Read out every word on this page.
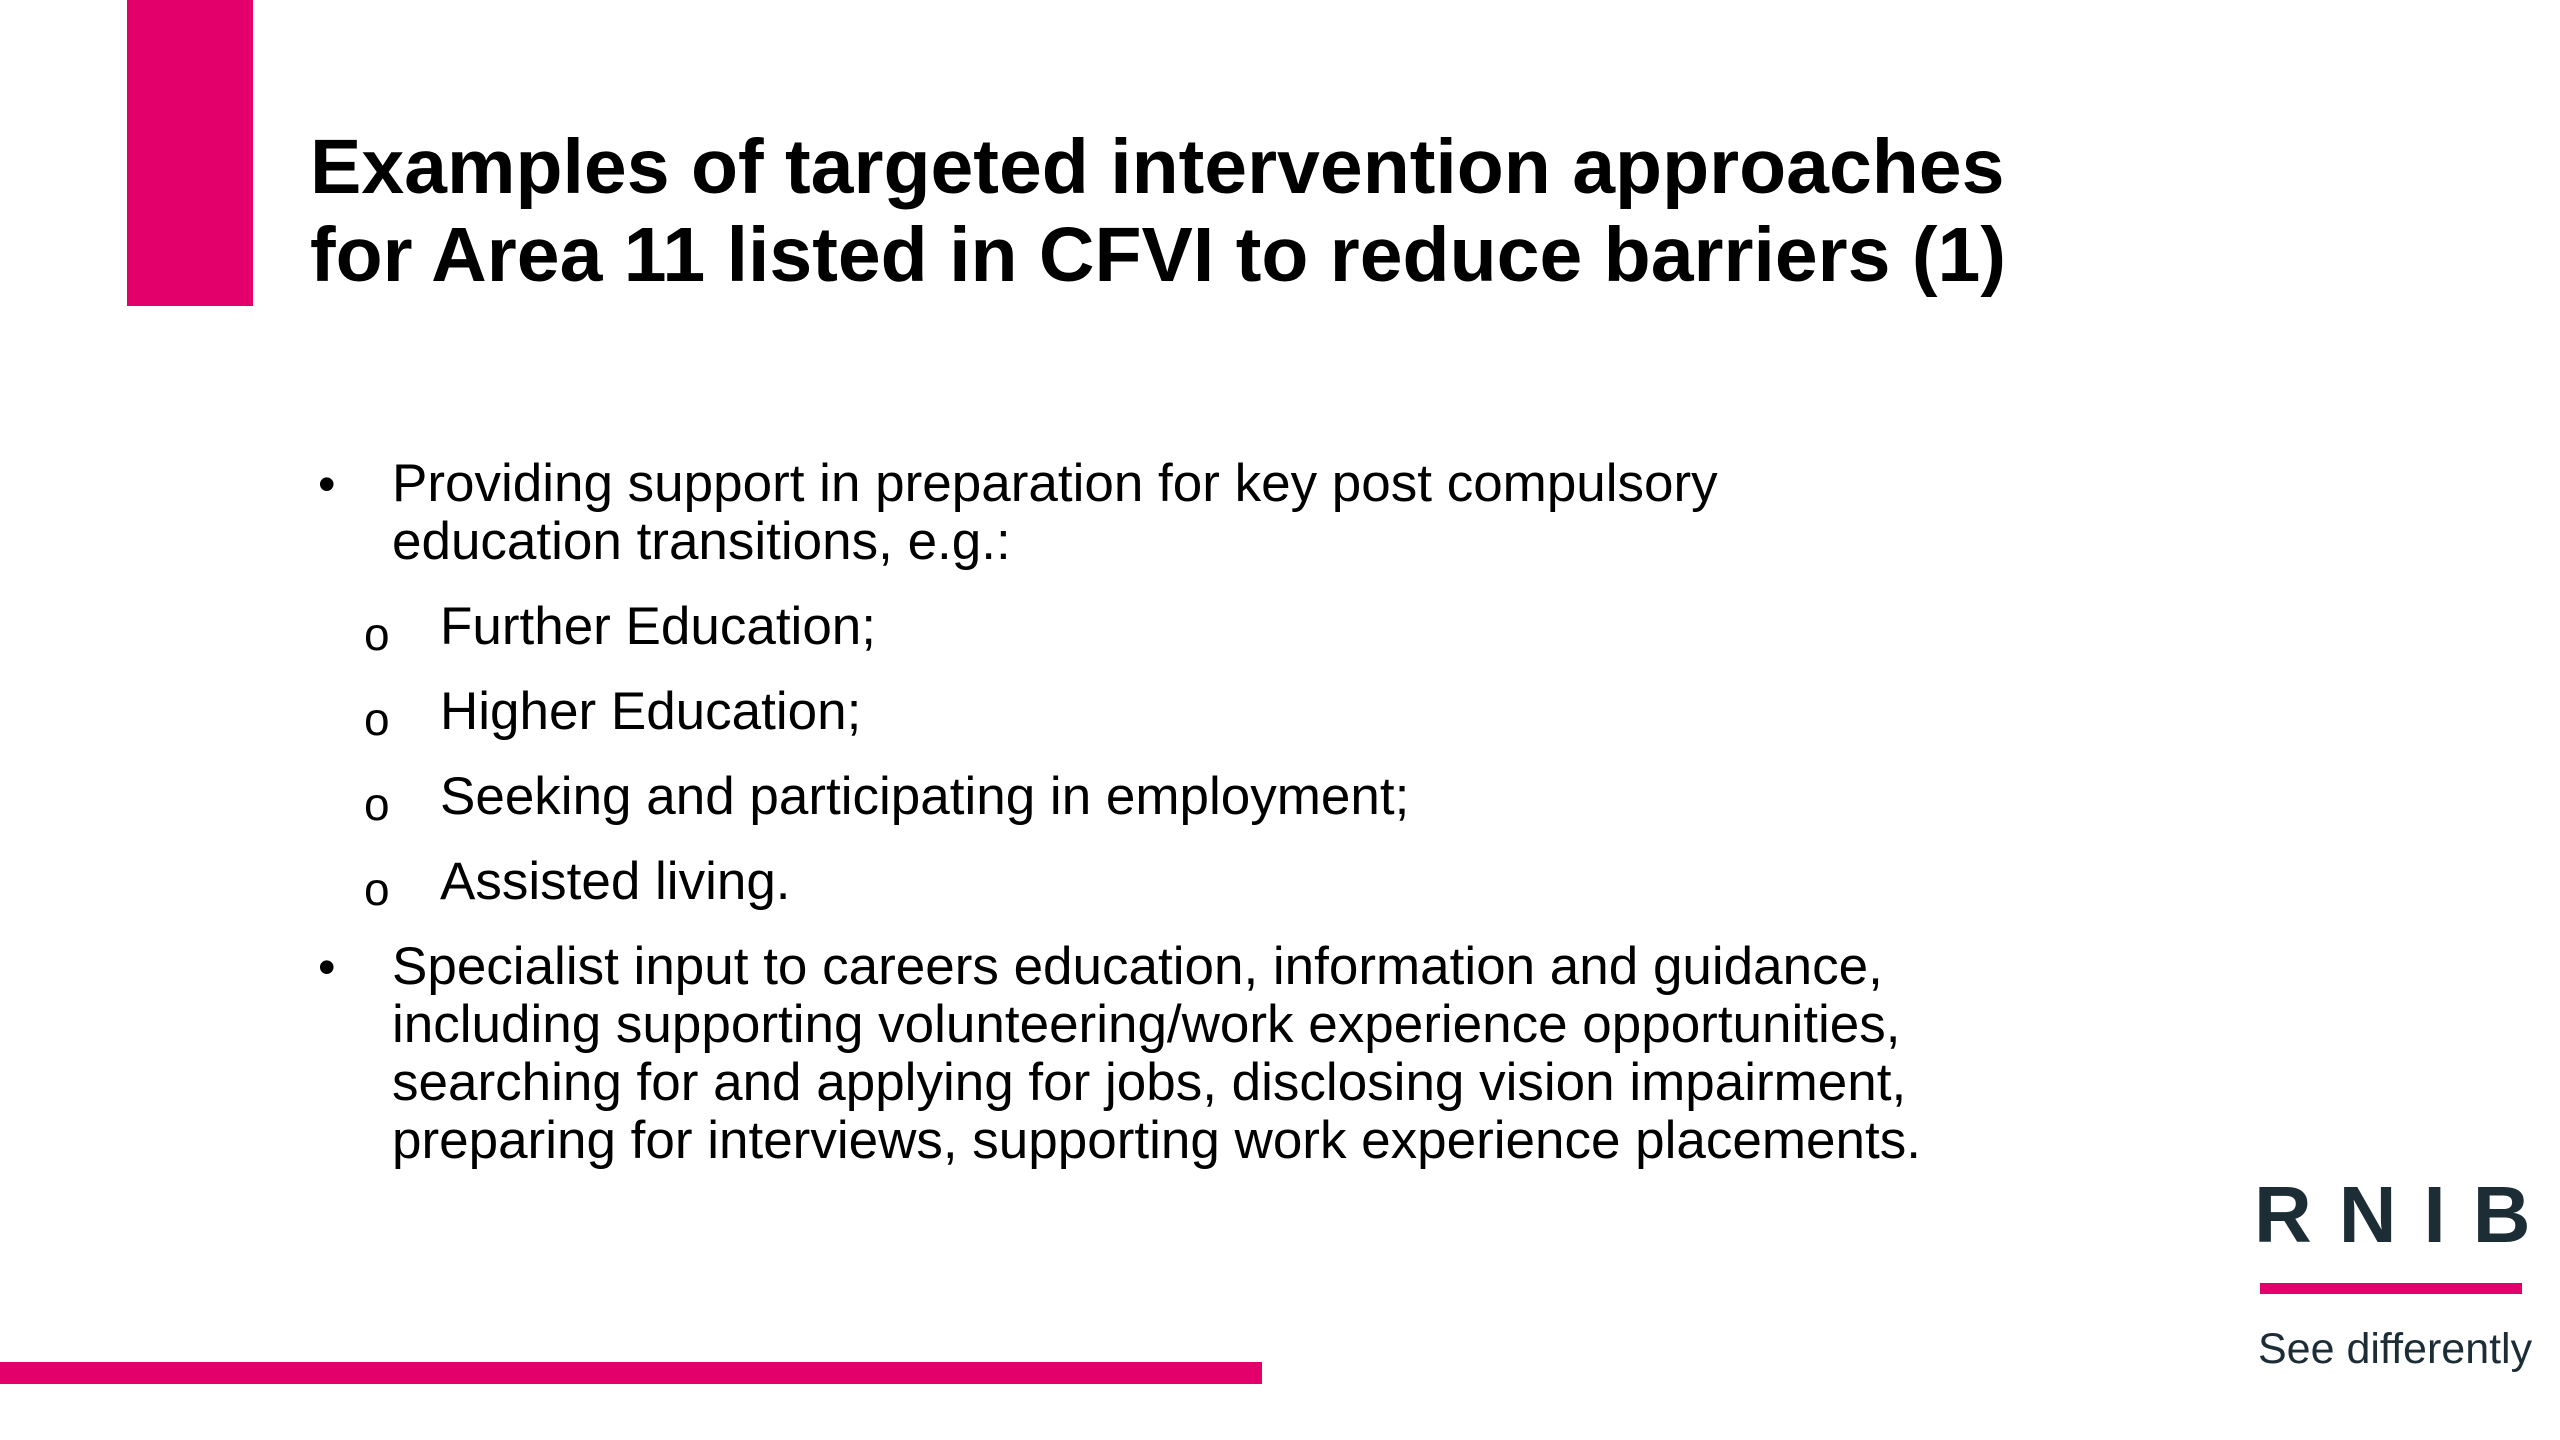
Examples of targeted intervention approaches
for Area 11 listed in CFVI to reduce barriers (1)
• Providing support in preparation for key post compulsory
education transitions, e.g.:
o Further Education;
o Higher Education;
o Seeking and participating in employment;
o Assisted living.
• Specialist input to careers education, information and guidance,
including supporting volunteering/work experience opportunities,
searching for and applying for jobs, disclosing vision impairment,
preparing for interviews, supporting work experience placements.
RNIB
See differently
